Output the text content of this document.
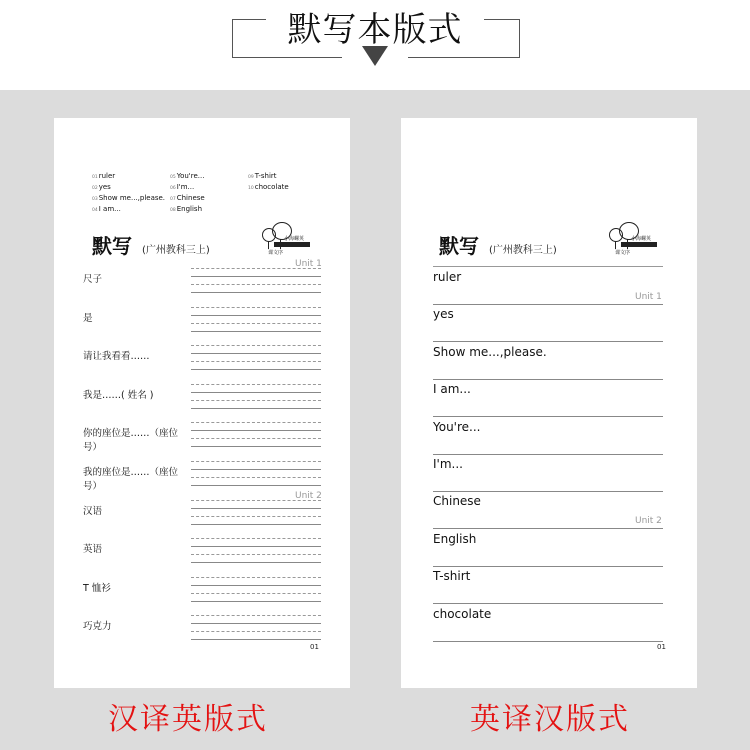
默写本版式
01ruler
02yes
03Show me...,please.
04I am...
05You're...
06I'm...
07Chinese
08English
09T-shirt
10chocolate
默写 (广州教科三上)
小海螺英
课文序
Unit 1
Unit 2
尺子
是
请让我看看……
我是……( 姓名 )
你的座位是……（座位号）
我的座位是……（座位号）
汉语
英语
T 恤衫
巧克力
01
默写 (广州教科三上)
小海螺英
课文序
Unit 1
Unit 2
ruler
yes
Show me...,please.
I am...
You're...
I'm...
Chinese
English
T-shirt
chocolate
01
汉译英版式	英译汉版式
